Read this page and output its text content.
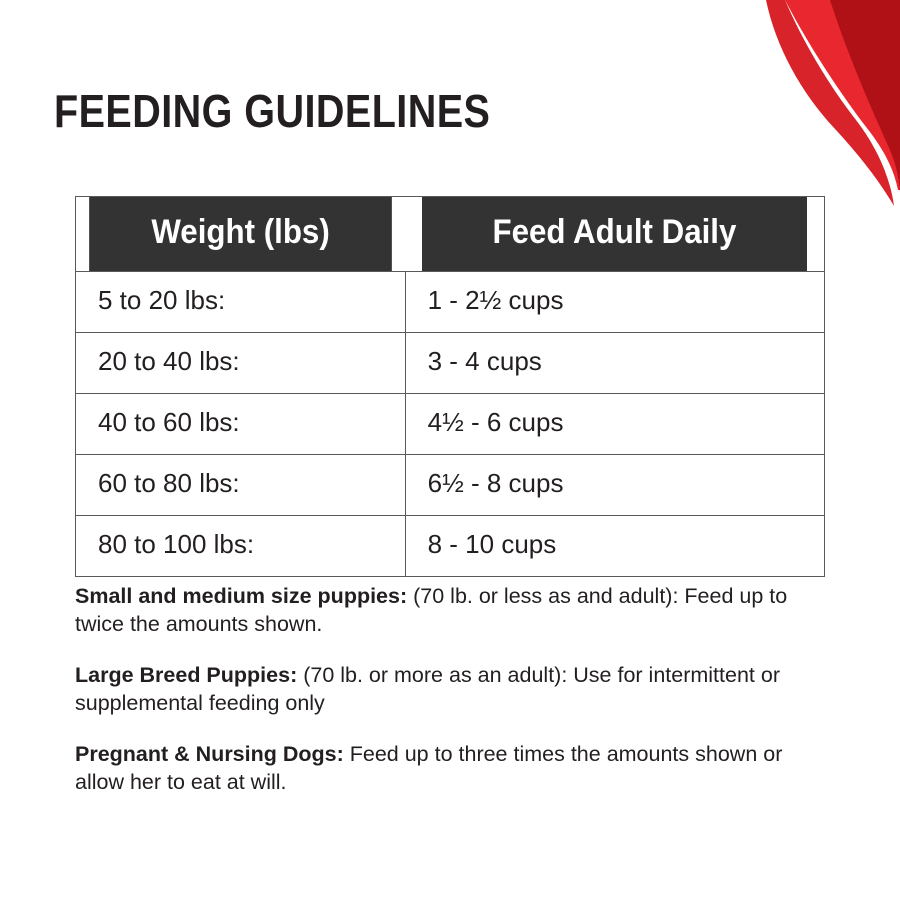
FEEDING GUIDELINES
Weight (lbs)	Feed Adult Daily
5 to 20 lbs:	1 - 2½ cups
20 to 40 lbs:	3 - 4 cups
40 to 60 lbs:	4½ - 6 cups
60 to 80 lbs:	6½ - 8 cups
80 to 100 lbs:	8 - 10 cups

Small and medium size puppies: (70 lb. or less as and adult): Feed up to twice the amounts shown.

Large Breed Puppies: (70 lb. or more as an adult): Use for intermittent or supplemental feeding only

Pregnant & Nursing Dogs: Feed up to three times the amounts shown or allow her to eat at will.
